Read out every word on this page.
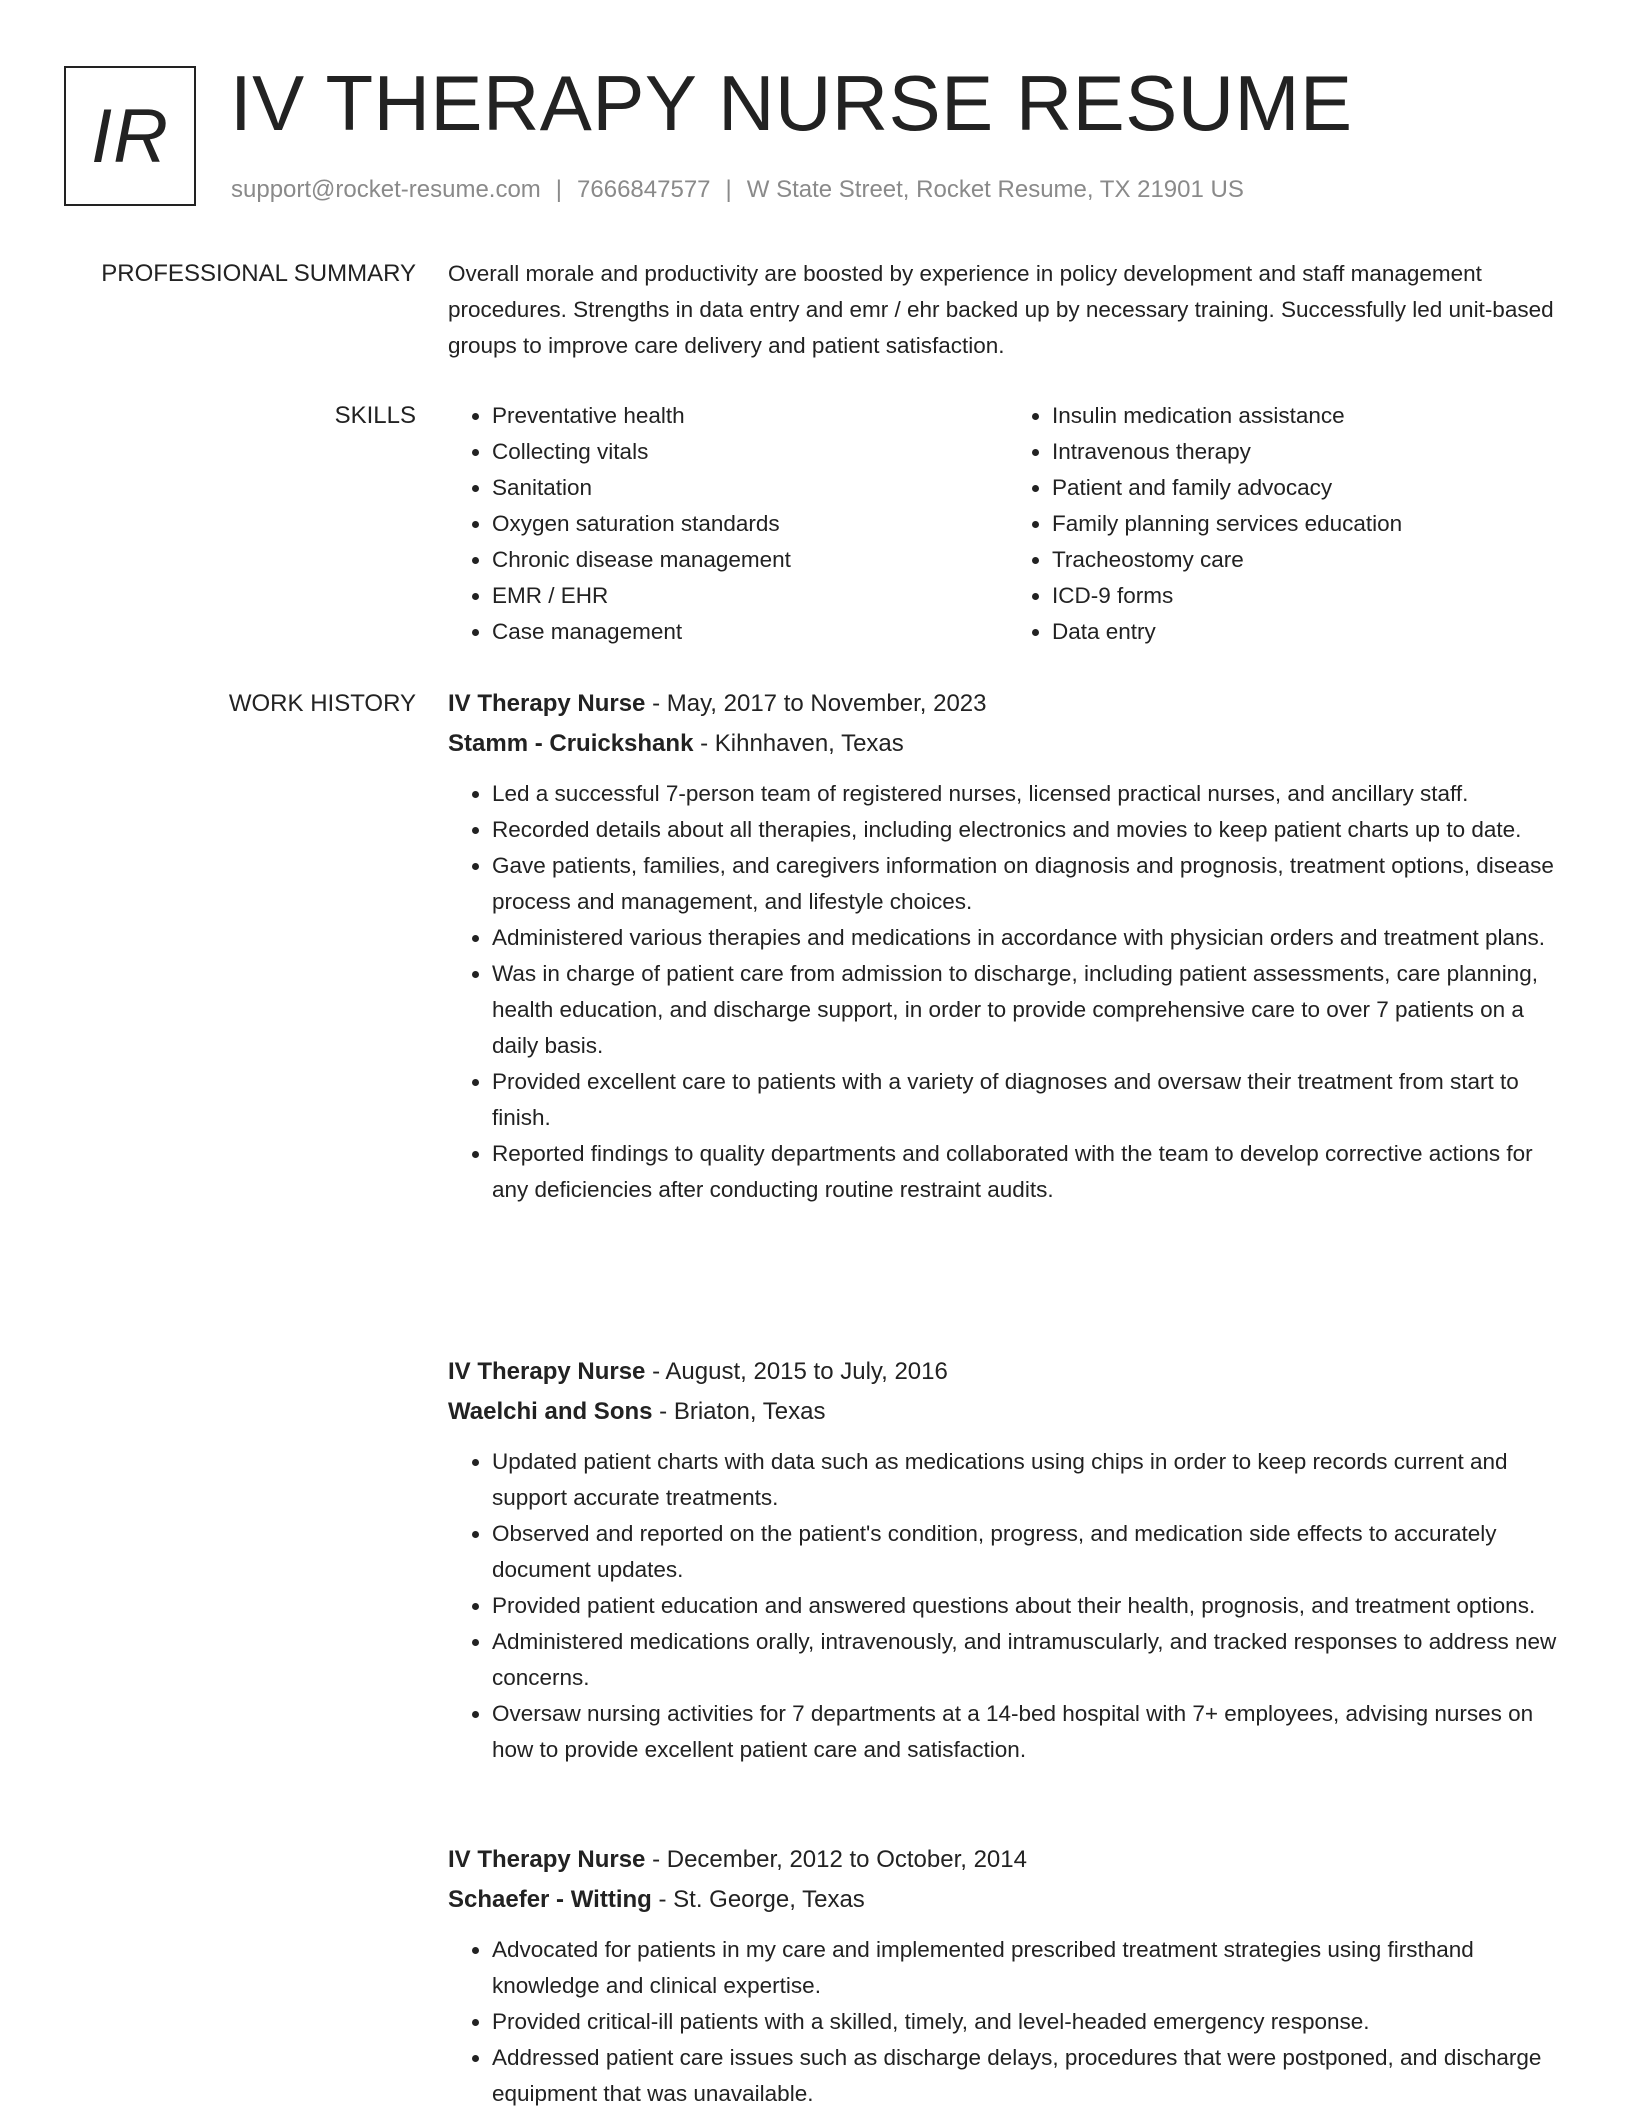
IR IV THERAPY NURSE RESUME
support@rocket-resume.com | 7666847577 | W State Street, Rocket Resume, TX 21901 US
PROFESSIONAL SUMMARY Overall morale and productivity are boosted by experience in policy development and staff management procedures. Strengths in data entry and emr / ehr backed up by necessary training. Successfully led unit-based groups to improve care delivery and patient satisfaction.

SKILLS
•	Preventative health
• Collecting vitals
• Sanitation
• Oxygen saturation standards
• Chronic disease management
• EMR / EHR
• Case management
• Insulin medication assistance
• Intravenous therapy
• Patient and family advocacy
• Family planning services education
• Tracheostomy care
• ICD-9 forms
• Data entry
WORK HISTORY IV Therapy Nurse - May, 2017 to November, 2023
Stamm - Cruickshank - Kihnhaven, Texas
• Led a successful 7-person team of registered nurses, licensed practical nurses, and ancillary staff.
• Recorded details about all therapies, including electronics and movies to keep patient charts up to date.
• Gave patients, families, and caregivers information on diagnosis and prognosis, treatment options, disease process and management, and lifestyle choices.
• Administered various therapies and medications in accordance with physician orders and treatment plans.
• Was in charge of patient care from admission to discharge, including patient assessments, care planning, health education, and discharge support, in order to provide comprehensive care to over 7 patients on a daily basis.
• Provided excellent care to patients with a variety of diagnoses and oversaw their treatment from start to finish.
• Reported findings to quality departments and collaborated with the team to develop corrective actions for any deficiencies after conducting routine restraint audits.
IV Therapy Nurse - August, 2015 to July, 2016
Waelchi and Sons - Briaton, Texas
• Updated patient charts with data such as medications using chips in order to keep records current and support accurate treatments.
• Observed and reported on the patient's condition, progress, and medication side effects to accurately document updates.
• Provided patient education and answered questions about their health, prognosis, and treatment options.
• Administered medications orally, intravenously, and intramuscularly, and tracked responses to address new concerns.
• Oversaw nursing activities for 7 departments at a 14-bed hospital with 7+ employees, advising nurses on how to provide excellent patient care and satisfaction.
IV Therapy Nurse - December, 2012 to October, 2014
Schaefer - Witting - St. George, Texas
• Advocated for patients in my care and implemented prescribed treatment strategies using firsthand knowledge and clinical expertise.
• Provided critical-ill patients with a skilled, timely, and level-headed emergency response.
• Addressed patient care issues such as discharge delays, procedures that were postponed, and discharge equipment that was unavailable.
